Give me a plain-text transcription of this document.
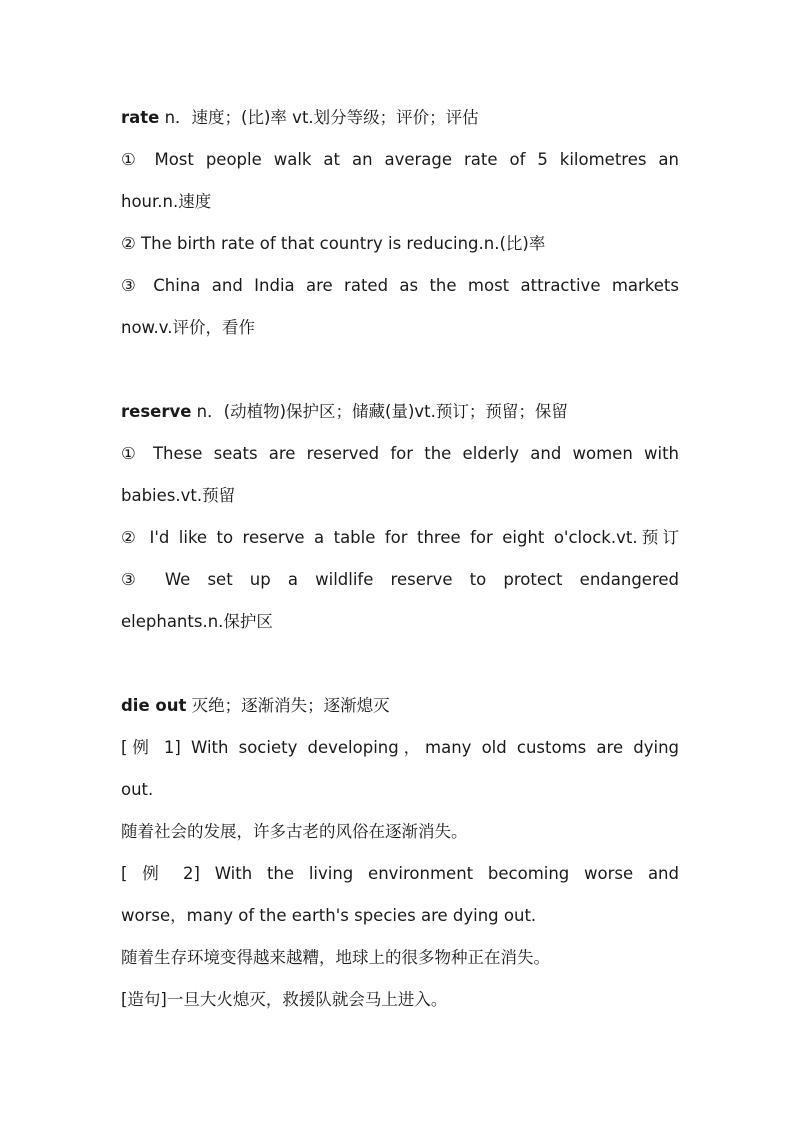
rate n．速度；(比)率 vt.划分等级；评价；评估
① Most people walk at an average rate of 5 kilometres an
hour.n.速度
② The birth rate of that country is reducing.n.(比)率
③ China and India are rated as the most attractive markets
now.v.评价，看作
reserve n．(动植物)保护区；储藏(量)vt.预订；预留；保留
① These seats are reserved for the elderly and women with
babies.vt.预留
② I'd like to reserve a table for three for eight o'clock.vt.预订
③ We set up a wildlife reserve to protect endangered
elephants.n.保护区
die out 灭绝；逐渐消失；逐渐熄灭
[例 1] With society developing，many old customs are dying
out.
随着社会的发展，许多古老的风俗在逐渐消失。
[ 例 2] With the living environment becoming worse and
worse，many of the earth's species are dying out.
随着生存环境变得越来越糟，地球上的很多物种正在消失。
[造句]一旦大火熄灭，救援队就会马上进入。
